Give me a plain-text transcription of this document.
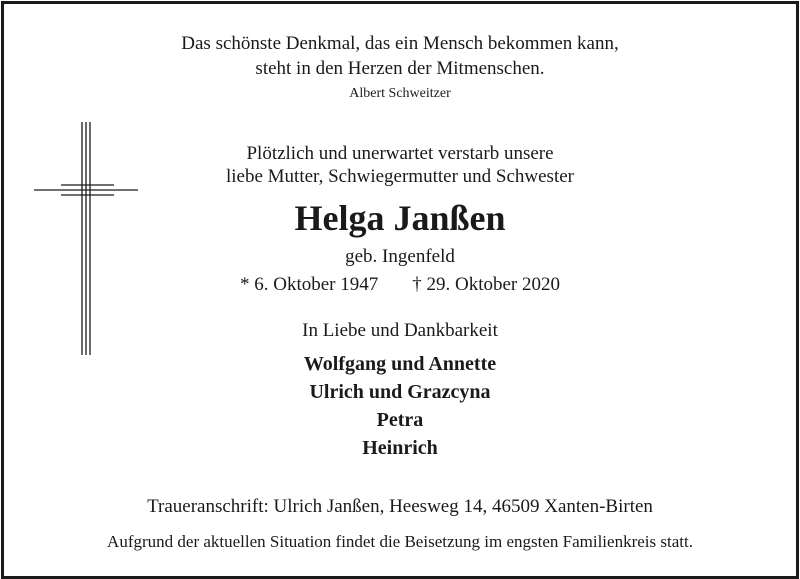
Das schönste Denkmal, das ein Mensch bekommen kann,
steht in den Herzen der Mitmenschen.
Albert Schweitzer
Plötzlich und unerwartet verstarb unsere
liebe Mutter, Schwiegermutter und Schwester
Helga Janßen
geb. Ingenfeld
* 6. Oktober 1947 † 29. Oktober 2020
In Liebe und Dankbarkeit
Wolfgang und Annette
Ulrich und Grazcyna
Petra
Heinrich
Traueranschrift: Ulrich Janßen, Heesweg 14, 46509 Xanten-Birten
Aufgrund der aktuellen Situation findet die Beisetzung im engsten Familienkreis statt.
